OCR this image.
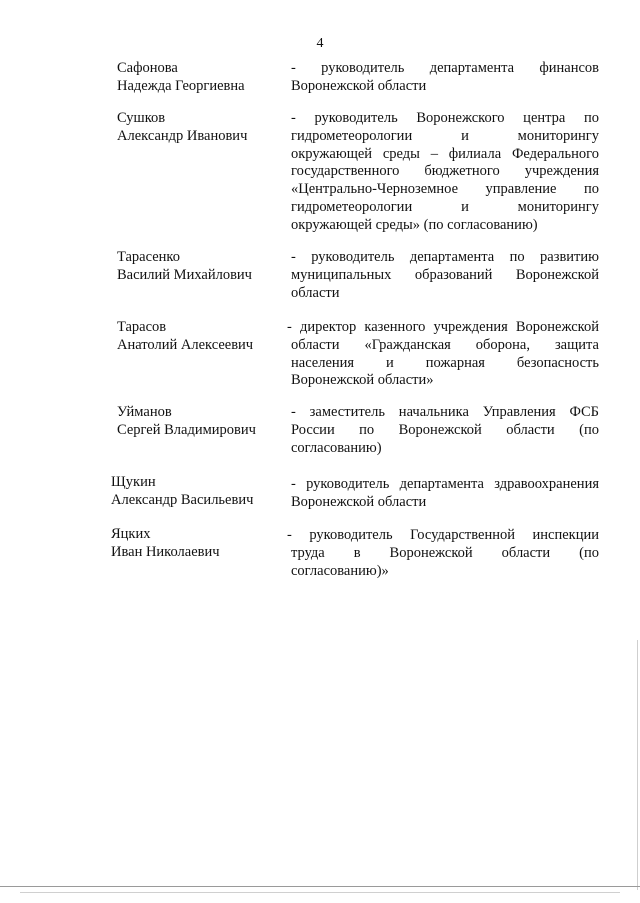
4
Сафонова
Надежда Георгиевна
- руководитель департамента финансов
Воронежской области
Сушков
Александр Иванович
- руководитель Воронежского центра по
гидрометеорологии и мониторингу
окружающей среды – филиала Федерального
государственного бюджетного учреждения
«Центрально-Черноземное управление по
гидрометеорологии и мониторингу
окружающей среды» (по согласованию)
Тарасенко
Василий Михайлович
- руководитель департамента по развитию
муниципальных образований Воронежской
области
Тарасов
Анатолий Алексеевич
- директор казенного учреждения Воронежской
области «Гражданская оборона, защита
населения и пожарная безопасность
Воронежской области»
Уйманов
Сергей Владимирович
- заместитель начальника Управления ФСБ
России по Воронежской области (по
согласованию)
Щукин
Александр Васильевич
- руководитель департамента здравоохранения
Воронежской области
Яцких
Иван Николаевич
- руководитель Государственной инспекции
труда в Воронежской области (по
согласованию)»
